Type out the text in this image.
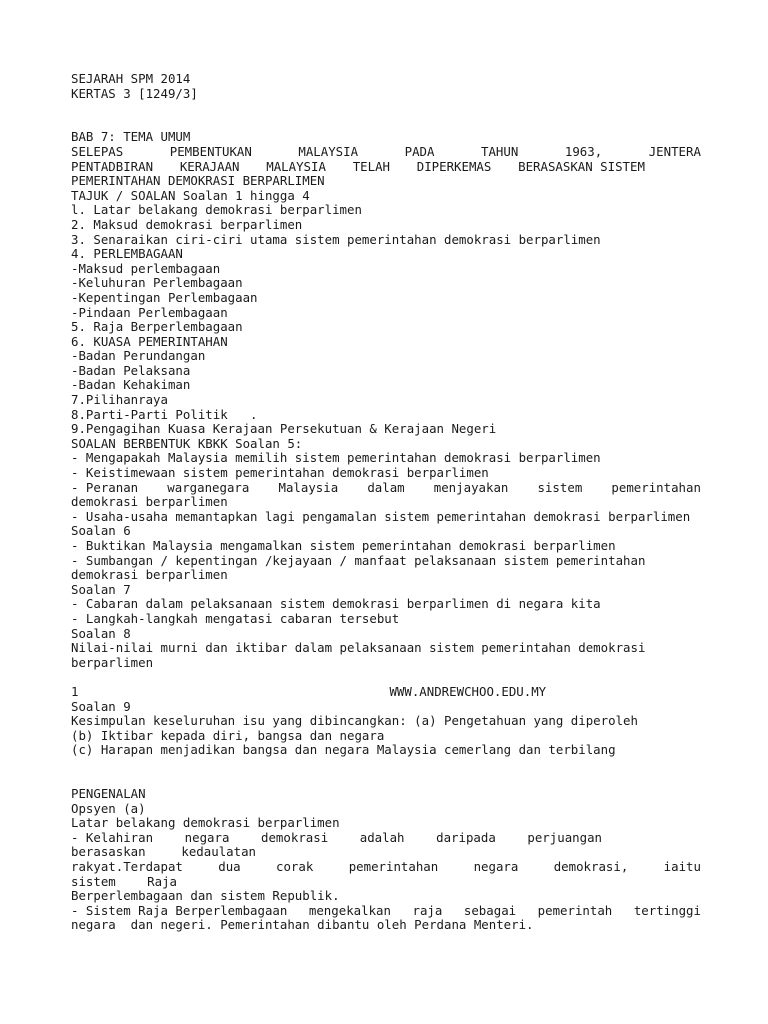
SEJARAH SPM 2014
KERTAS 3 [1249/3]
BAB 7: TEMA UMUM
SELEPAS	PEMBENTUKAN	MALAYSIA	PADA	TAHUN	1963,	JENTERA
PENTADBIRAN KERAJAAN MALAYSIA TELAH DIPERKEMAS BERASASKAN SISTEM
PEMERINTAHAN DEMOKRASI BERPARLIMEN
TAJUK / SOALAN Soalan 1 hingga 4
l. Latar belakang demokrasi berparlimen
2. Maksud demokrasi berparlimen
3. Senaraikan ciri-ciri utama sistem pemerintahan demokrasi berparlimen
4. PERLEMBAGAAN
-Maksud perlembagaan
-Keluhuran Perlembagaan
-Kepentingan Perlembagaan
-Pindaan Perlembagaan
5. Raja Berperlembagaan
6. KUASA PEMERINTAHAN
-Badan Perundangan
-Badan Pelaksana
-Badan Kehakiman
7.Pilihanraya
8.Parti-Parti Politik   .
9.Pengagihan Kuasa Kerajaan Persekutuan & Kerajaan Negeri
SOALAN BERBENTUK KBKK Soalan 5:
- Mengapakah Malaysia memilih sistem pemerintahan demokrasi berparlimen
- Keistimewaan sistem pemerintahan demokrasi berparlimen
- Peranan warganegara Malaysia dalam menjayakan sistem pemerintahan
demokrasi berparlimen
- Usaha-usaha memantapkan lagi pengamalan sistem pemerintahan demokrasi berparlimen
Soalan 6
- Buktikan Malaysia mengamalkan sistem pemerintahan demokrasi berparlimen
- Sumbangan / kepentingan /kejayaan / manfaat pelaksanaan sistem pemerintahan
demokrasi berparlimen
Soalan 7
- Cabaran dalam pelaksanaan sistem demokrasi berparlimen di negara kita
- Langkah-langkah mengatasi cabaran tersebut
Soalan 8
Nilai-nilai murni dan iktibar dalam pelaksanaan sistem pemerintahan demokrasi
berparlimen
1	WWW.ANDREWCHOO.EDU.MY
Soalan 9
Kesimpulan keseluruhan isu yang dibincangkan: (a) Pengetahuan yang diperoleh
(b) Iktibar kepada diri, bangsa dan negara
(c) Harapan menjadikan bangsa dan negara Malaysia cemerlang dan terbilang
PENGENALAN
Opsyen (a)
Latar belakang demokrasi berparlimen
- Kelahiran	negara	demokrasi	adalah	daripada	perjuangan
berasaskan	kedaulatan
rakyat.Terdapat	dua	corak	pemerintahan	negara	demokrasi,	iaitu
sistem	Raja
Berperlembagaan dan sistem Republik.
- Sistem Raja Berperlembagaan mengekalkan raja sebagai pemerintah tertinggi
negara  dan negeri. Pemerintahan dibantu oleh Perdana Menteri.
